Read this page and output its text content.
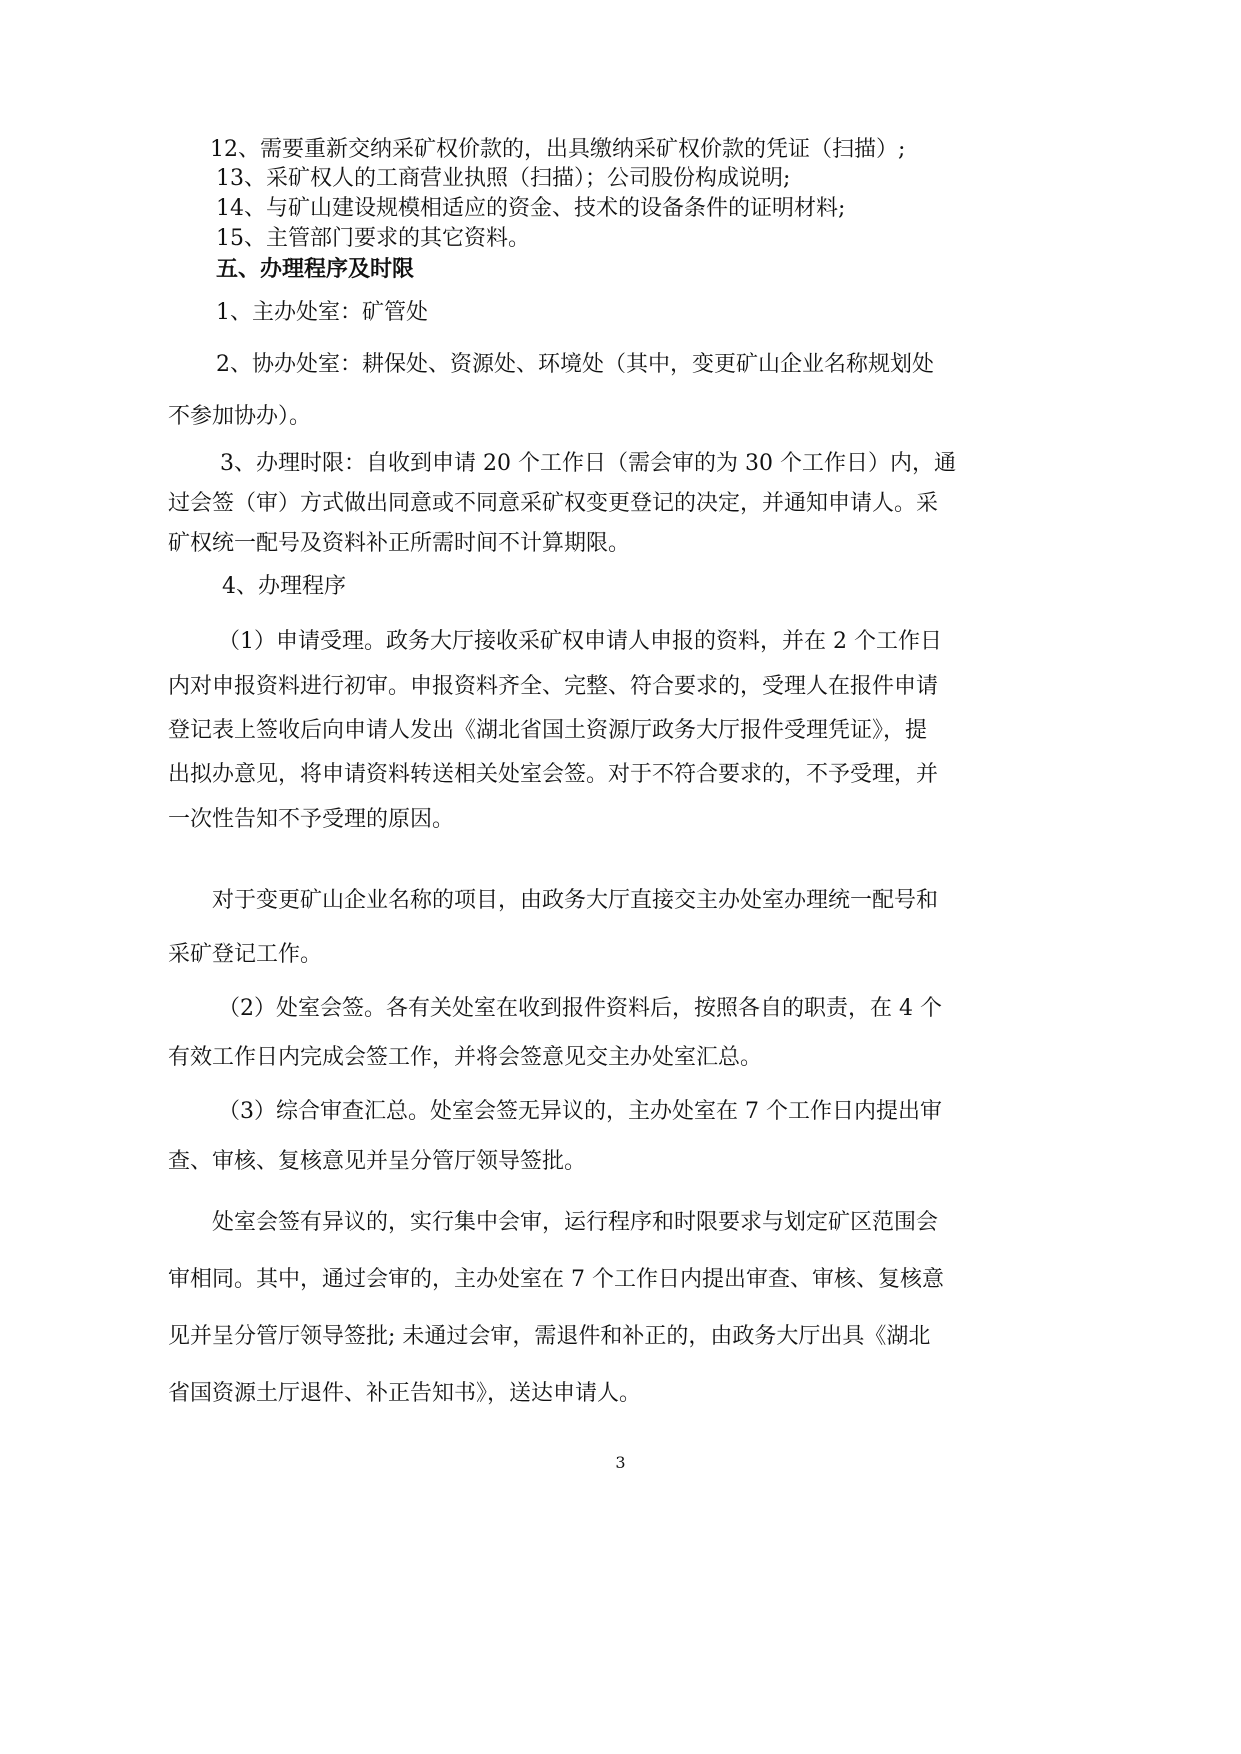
12、需要重新交纳采矿权价款的，出具缴纳采矿权价款的凭证（扫描）;
13、采矿权人的工商营业执照（扫描）；公司股份构成说明;
14、与矿山建设规模相适应的资金、技术的设备条件的证明材料;
15、主管部门要求的其它资料。
五、办理程序及时限
1、主办处室：矿管处
2、协办处室：耕保处、资源处、环境处（其中，变更矿山企业名称规划处
不参加协办）。
3、办理时限：自收到申请 20 个工作日（需会审的为 30 个工作日）内，通
过会签（审）方式做出同意或不同意采矿权变更登记的决定，并通知申请人。采
矿权统一配号及资料补正所需时间不计算期限。
4、办理程序
（1）申请受理。政务大厅接收采矿权申请人申报的资料，并在 2 个工作日
内对申报资料进行初审。申报资料齐全、完整、符合要求的，受理人在报件申请
登记表上签收后向申请人发出《湖北省国土资源厅政务大厅报件受理凭证》，提
出拟办意见，将申请资料转送相关处室会签。对于不符合要求的，不予受理，并
一次性告知不予受理的原因。
对于变更矿山企业名称的项目，由政务大厅直接交主办处室办理统一配号和
采矿登记工作。
（2）处室会签。各有关处室在收到报件资料后，按照各自的职责，在 4 个
有效工作日内完成会签工作，并将会签意见交主办处室汇总。
（3）综合审查汇总。处室会签无异议的，主办处室在 7 个工作日内提出审
查、审核、复核意见并呈分管厅领导签批。
处室会签有异议的，实行集中会审，运行程序和时限要求与划定矿区范围会
审相同。其中，通过会审的，主办处室在 7 个工作日内提出审查、审核、复核意
见并呈分管厅领导签批; 未通过会审，需退件和补正的，由政务大厅出具《湖北
省国资源土厅退件、补正告知书》，送达申请人。
3
